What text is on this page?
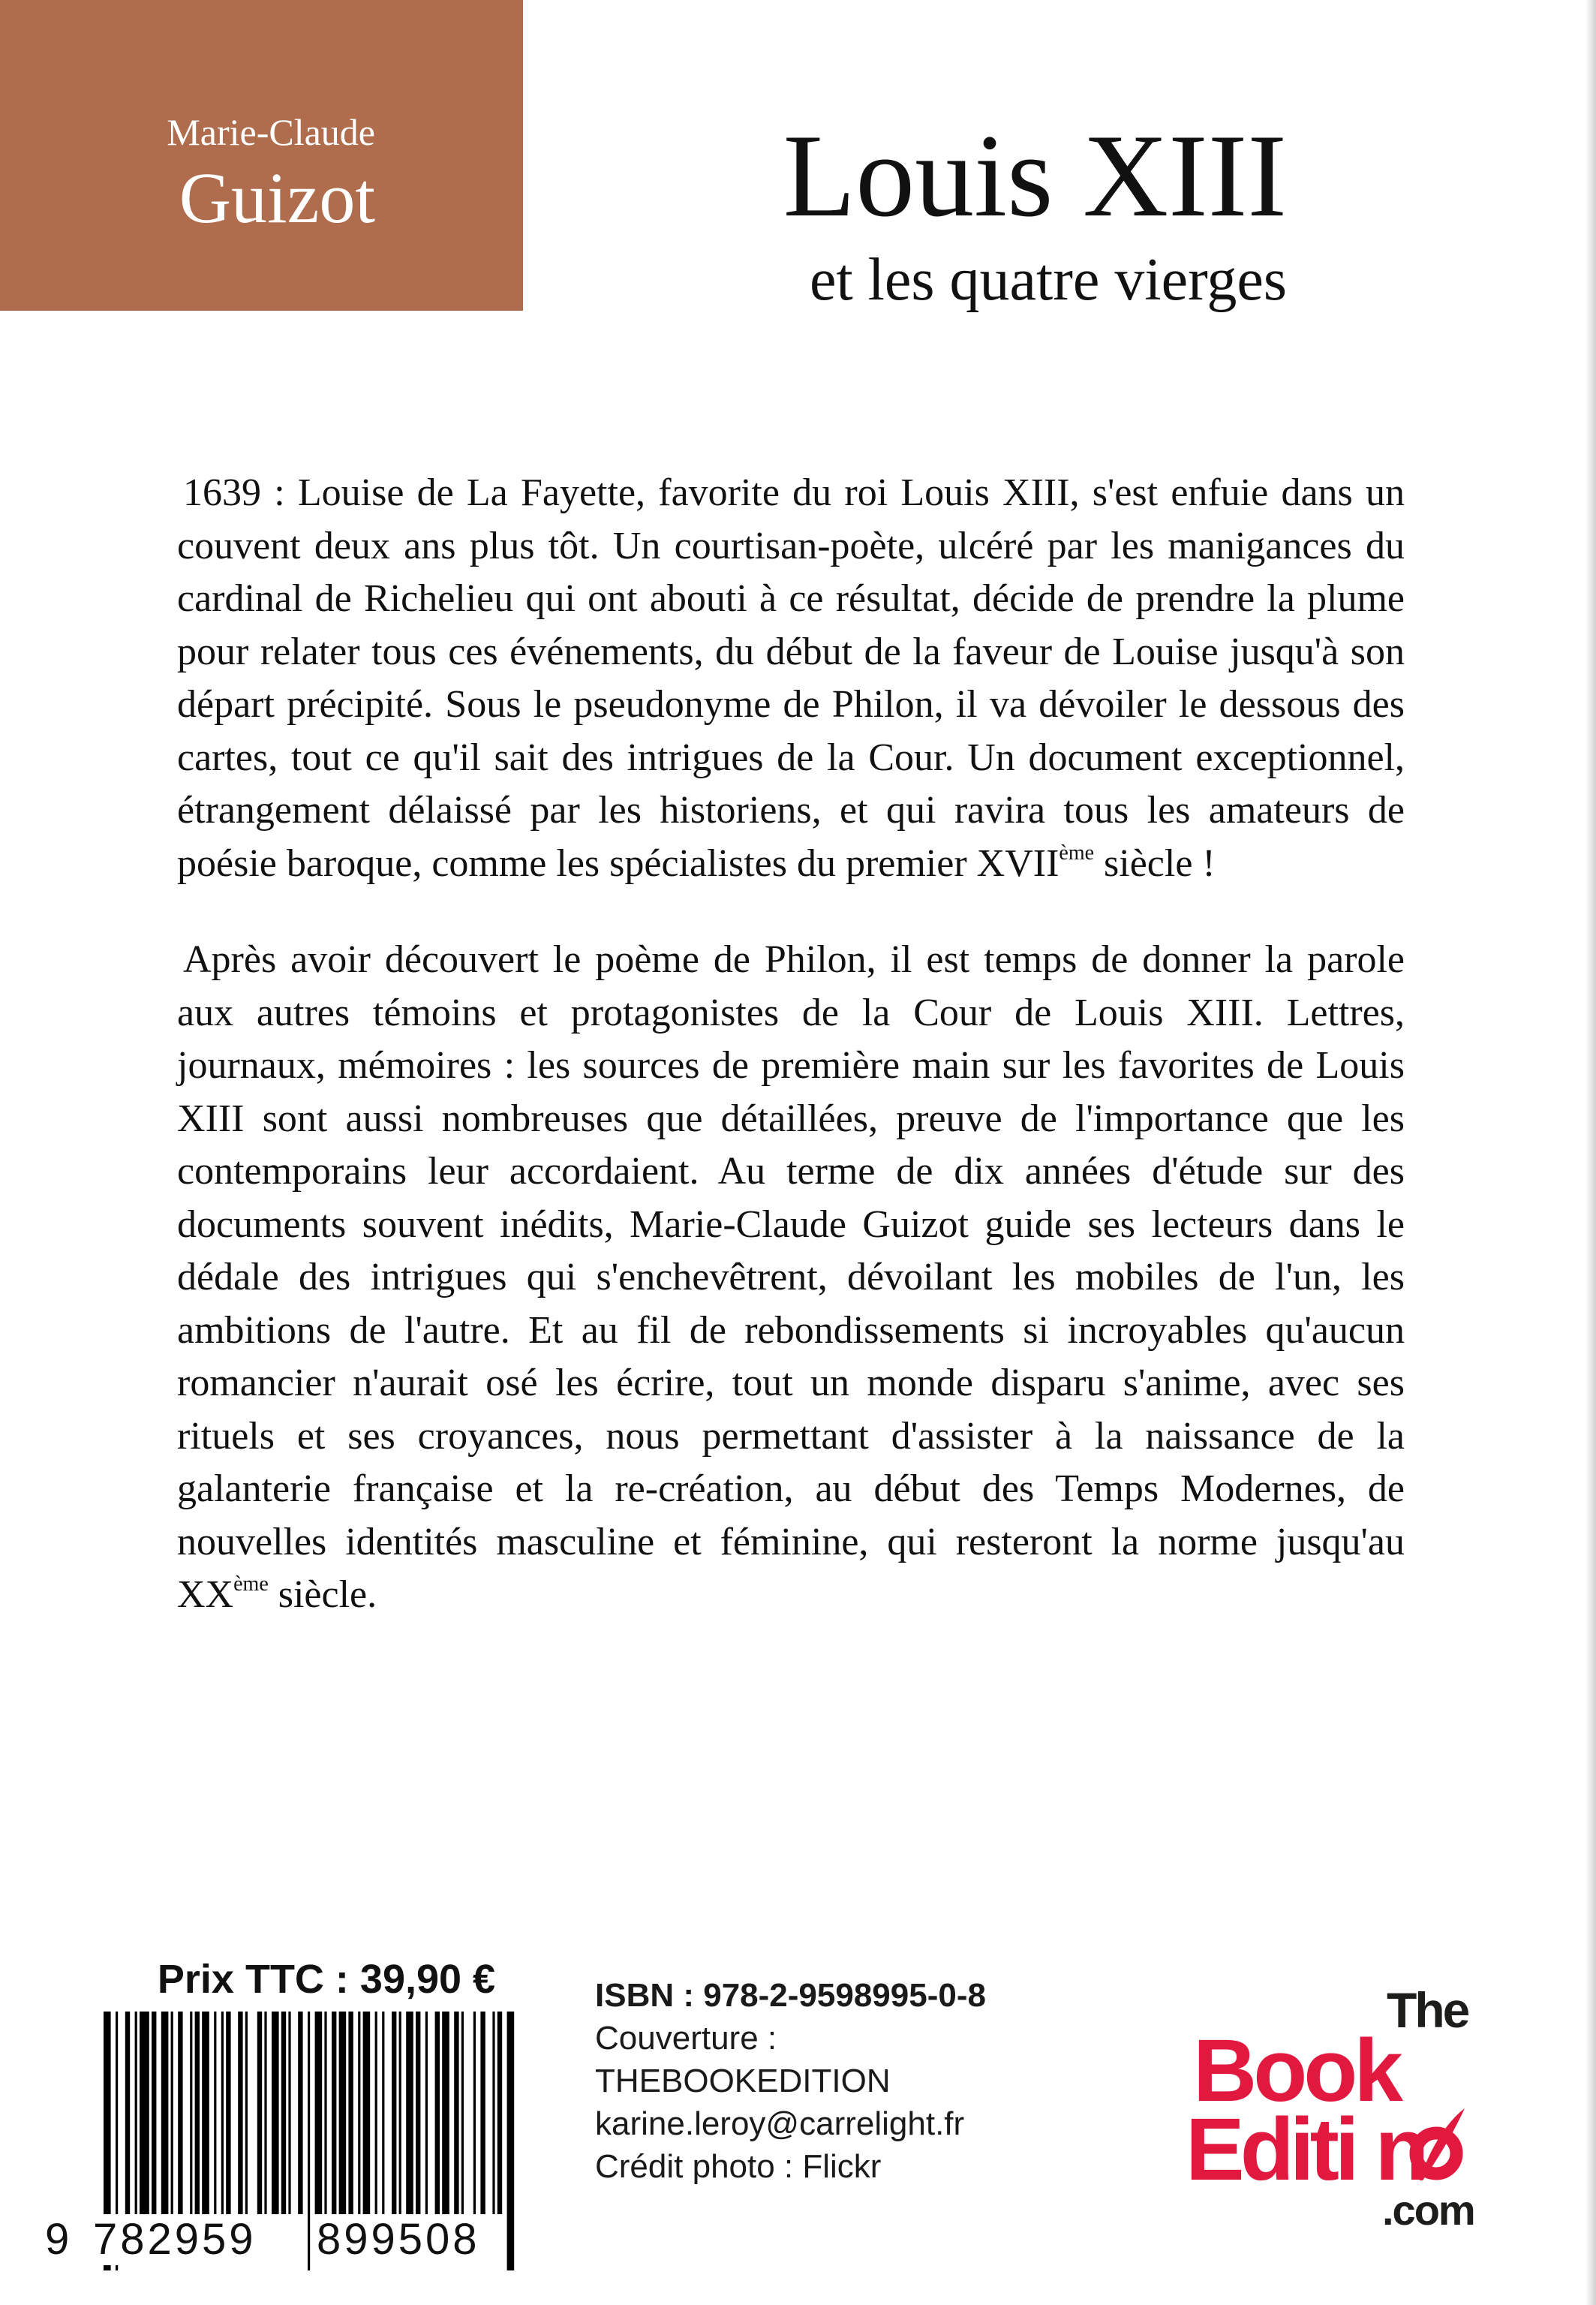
Marie-Claude
Guizot	Louis XIII
et les quatre vierges

1639 : Louise de La Fayette, favorite du roi Louis XIII, s'est enfuie dans un couvent deux ans plus tôt. Un courtisan-poète, ulcéré par les manigances du cardinal de Richelieu qui ont abouti à ce résultat, décide de prendre la plume pour relater tous ces événements, du début de la faveur de Louise jusqu'à son départ précipité. Sous le pseudonyme de Philon, il va dévoiler le dessous des cartes, tout ce qu'il sait des intrigues de la Cour. Un document exceptionnel, étrangement délaissé par les historiens, et qui ravira tous les amateurs de poésie baroque, comme les spécialistes du premier XVIIème siècle !

Après avoir découvert le poème de Philon, il est temps de donner la parole aux autres témoins et protagonistes de la Cour de Louis XIII. Lettres, journaux, mémoires : les sources de première main sur les favorites de Louis XIII sont aussi nombreuses que détaillées, preuve de l'importance que les contemporains leur accordaient. Au terme de dix années d'étude sur des documents souvent inédits, Marie-Claude Guizot guide ses lecteurs dans le dédale des intrigues qui s'enchevêtrent, dévoilant les mobiles de l'un, les ambitions de l'autre. Et au fil de rebondissements si incroyables qu'aucun romancier n'aurait osé les écrire, tout un monde disparu s'anime, avec ses rituels et ses croyances, nous permettant d'assister à la naissance de la galanterie française et la re-création, au début des Temps Modernes, de nouvelles identités masculine et féminine, qui resteront la norme jusqu'au XXème siècle.

Prix TTC : 39,90 €
9 782959 899508
ISBN : 978-2-9598995-0-8
Couverture :
THEBOOKEDITION
karine.leroy@carrelight.fr
Crédit photo : Flickr
The
Book
Editi n
.com
